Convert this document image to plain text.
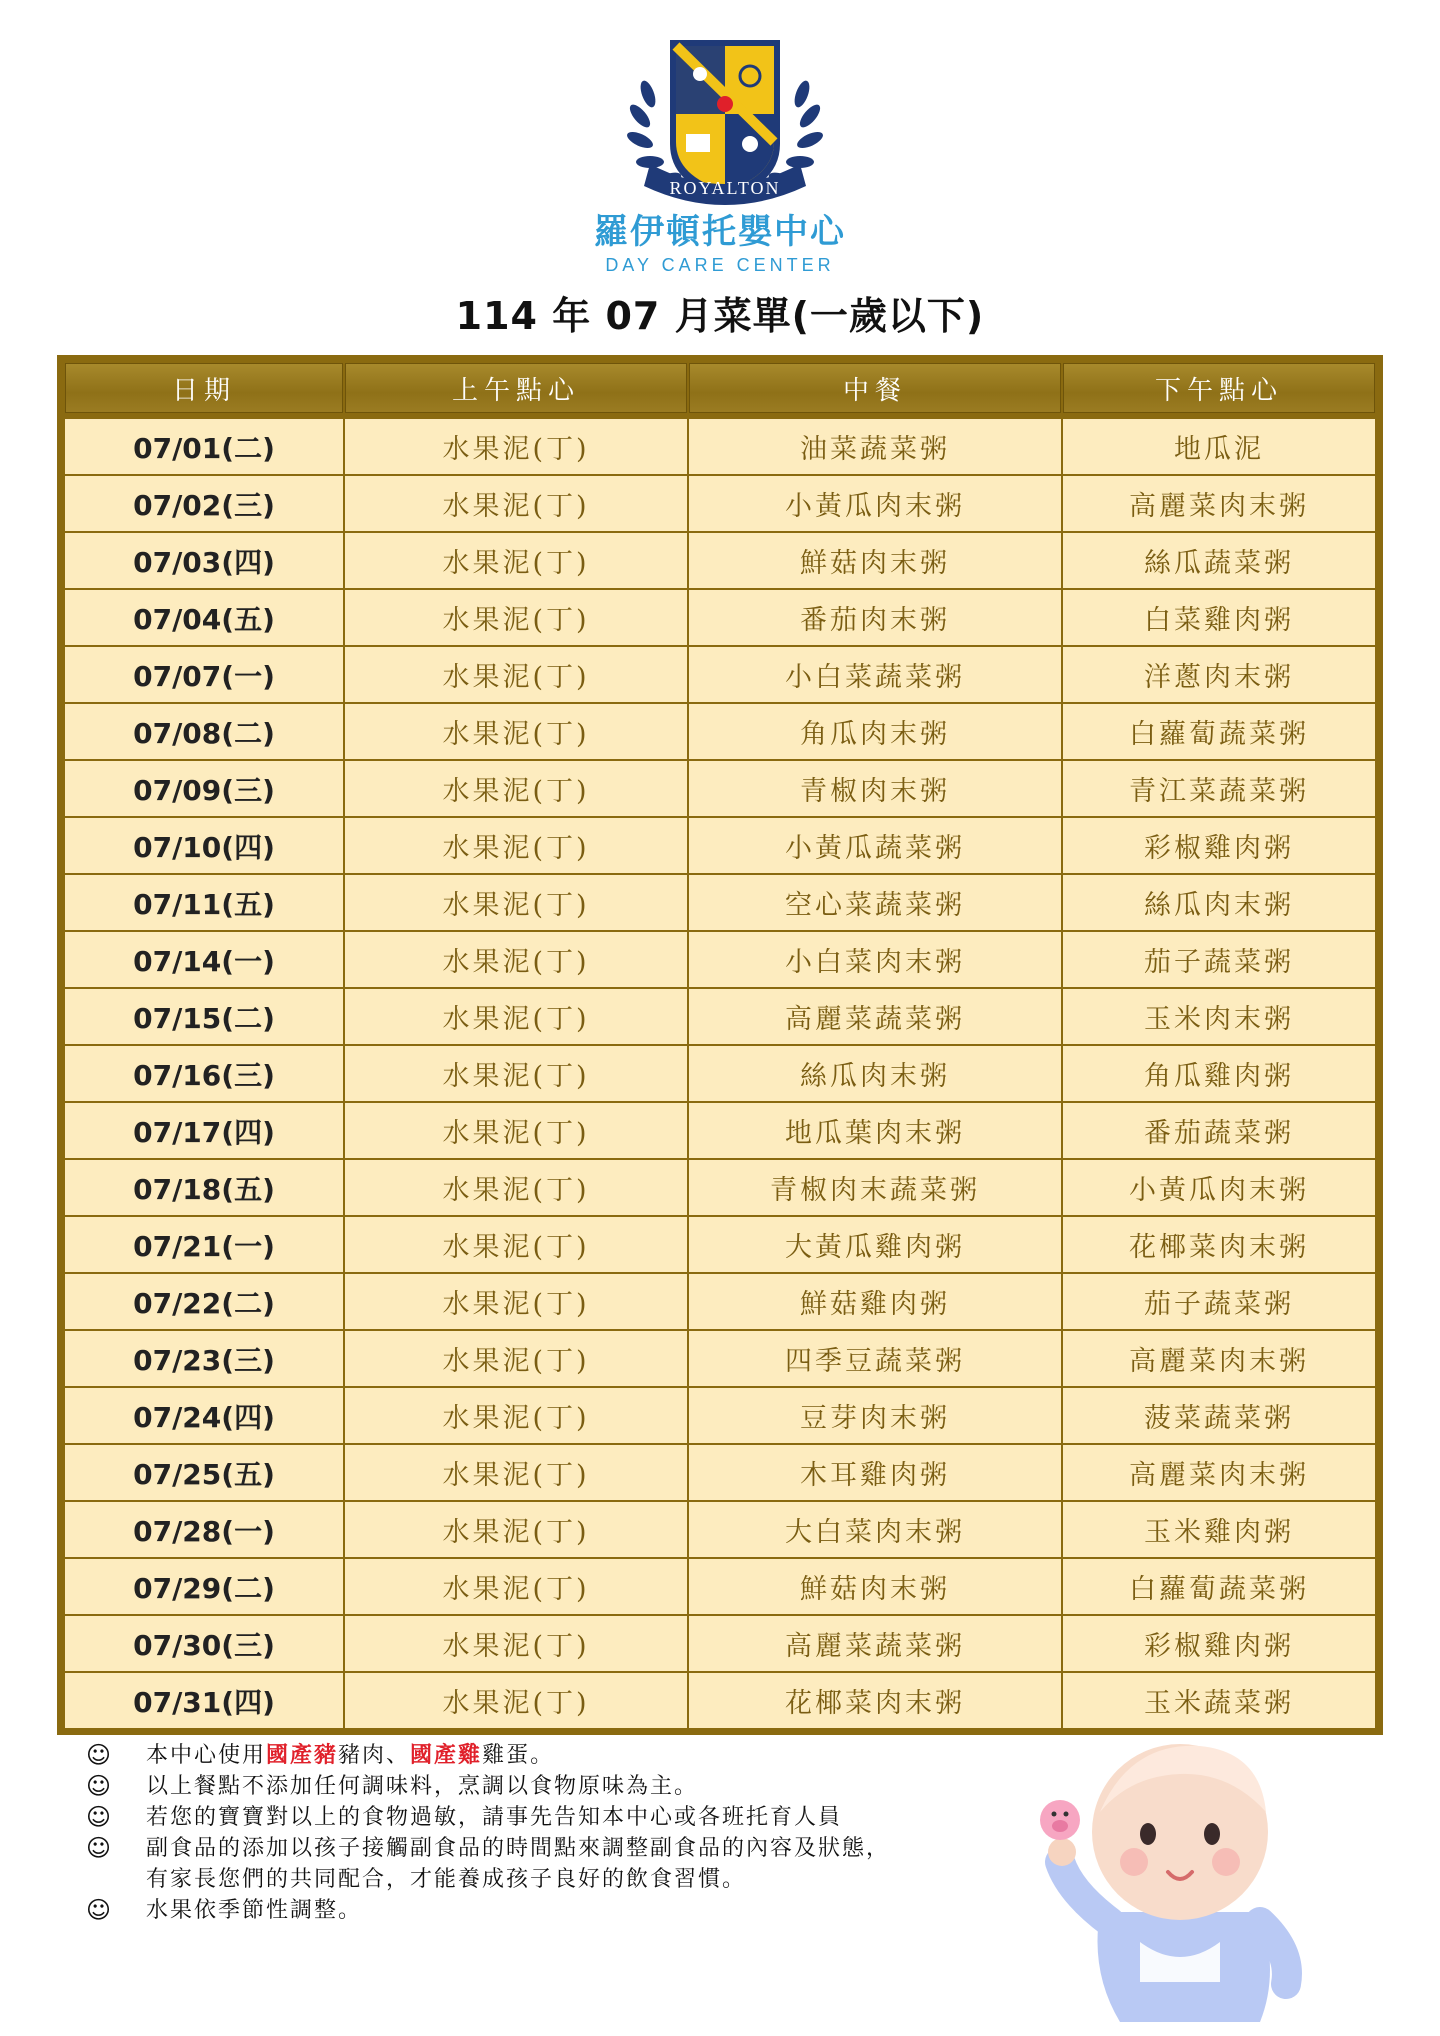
ROYALTON
羅伊頓托嬰中心
DAY CARE CENTER
114 年 07 月菜單(一歲以下)
日期	上午點心	中餐	下午點心
07/01(二)	水果泥(丁)	油菜蔬菜粥	地瓜泥
07/02(三)	水果泥(丁)	小黃瓜肉末粥	高麗菜肉末粥
07/03(四)	水果泥(丁)	鮮菇肉末粥	絲瓜蔬菜粥
07/04(五)	水果泥(丁)	番茄肉末粥	白菜雞肉粥
07/07(一)	水果泥(丁)	小白菜蔬菜粥	洋蔥肉末粥
07/08(二)	水果泥(丁)	角瓜肉末粥	白蘿蔔蔬菜粥
07/09(三)	水果泥(丁)	青椒肉末粥	青江菜蔬菜粥
07/10(四)	水果泥(丁)	小黃瓜蔬菜粥	彩椒雞肉粥
07/11(五)	水果泥(丁)	空心菜蔬菜粥	絲瓜肉末粥
07/14(一)	水果泥(丁)	小白菜肉末粥	茄子蔬菜粥
07/15(二)	水果泥(丁)	高麗菜蔬菜粥	玉米肉末粥
07/16(三)	水果泥(丁)	絲瓜肉末粥	角瓜雞肉粥
07/17(四)	水果泥(丁)	地瓜葉肉末粥	番茄蔬菜粥
07/18(五)	水果泥(丁)	青椒肉末蔬菜粥	小黃瓜肉末粥
07/21(一)	水果泥(丁)	大黃瓜雞肉粥	花椰菜肉末粥
07/22(二)	水果泥(丁)	鮮菇雞肉粥	茄子蔬菜粥
07/23(三)	水果泥(丁)	四季豆蔬菜粥	高麗菜肉末粥
07/24(四)	水果泥(丁)	豆芽肉末粥	菠菜蔬菜粥
07/25(五)	水果泥(丁)	木耳雞肉粥	高麗菜肉末粥
07/28(一)	水果泥(丁)	大白菜肉末粥	玉米雞肉粥
07/29(二)	水果泥(丁)	鮮菇肉末粥	白蘿蔔蔬菜粥
07/30(三)	水果泥(丁)	高麗菜蔬菜粥	彩椒雞肉粥
07/31(四)	水果泥(丁)	花椰菜肉末粥	玉米蔬菜粥
☺	本中心使用國產豬豬肉、國產雞雞蛋。
☺	以上餐點不添加任何調味料，烹調以食物原味為主。
☺	若您的寶寶對以上的食物過敏，請事先告知本中心或各班托育人員
☺	副食品的添加以孩子接觸副食品的時間點來調整副食品的內容及狀態，
有家長您們的共同配合，才能養成孩子良好的飲食習慣。
☺	水果依季節性調整。
